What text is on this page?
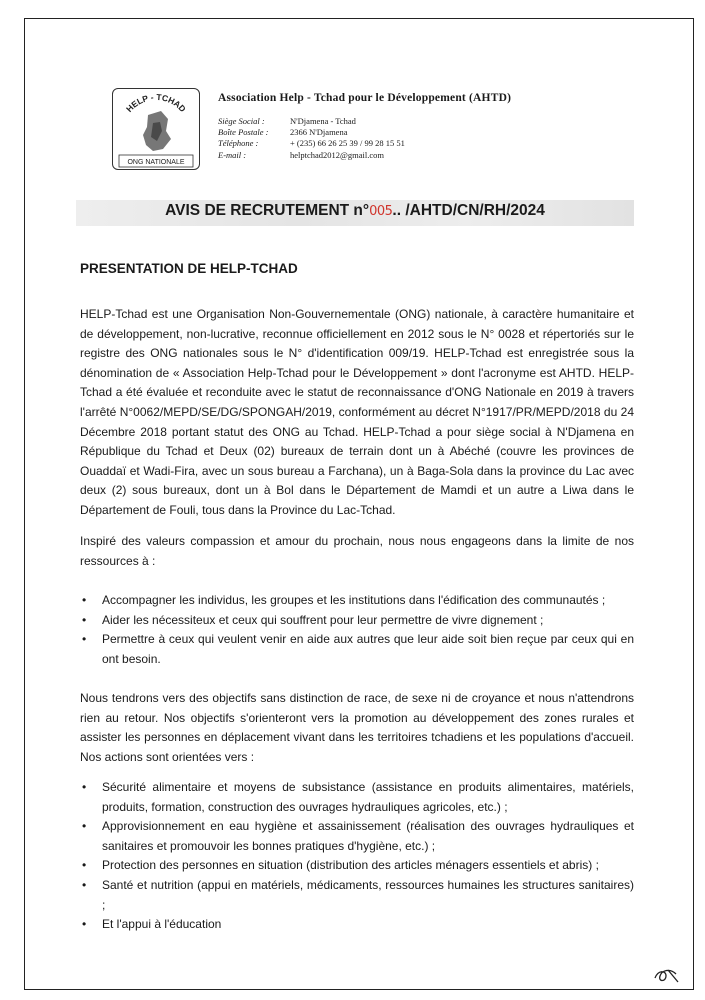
HELP - TCHAD
ONG NATIONALE
Association Help - Tchad pour le Développement (AHTD)
Siège Social :	N'Djamena - Tchad
Boîte Postale :	2366 N'Djamena
Téléphone :	+ (235) 66 26 25 39 / 99 28 15 51
E-mail :	helptchad2012@gmail.com
AVIS DE RECRUTEMENT n°005.. /AHTD/CN/RH/2024
PRESENTATION DE HELP-TCHAD

HELP-Tchad est une Organisation Non-Gouvernementale (ONG) nationale, à caractère humanitaire et de développement, non-lucrative, reconnue officiellement en 2012 sous le N° 0028 et répertoriés sur le registre des ONG nationales sous le N° d'identification 009/19. HELP-Tchad est enregistrée sous la dénomination de « Association Help-Tchad pour le Développement » dont l'acronyme est AHTD. HELP-Tchad a été évaluée et reconduite avec le statut de reconnaissance d'ONG Nationale en 2019 à travers l'arrêté N°0062/MEPD/SE/DG/SPONGAH/2019, conformément au décret N°1917/PR/MEPD/2018 du 24 Décembre 2018 portant statut des ONG au Tchad. HELP-Tchad a pour siège social à N'Djamena en République du Tchad et Deux (02) bureaux de terrain dont un à Abéché (couvre les provinces de Ouaddaï et Wadi-Fira, avec un sous bureau a Farchana), un à Baga-Sola dans la province du Lac avec deux (2) sous bureaux, dont un à Bol dans le Département de Mamdi et un autre a Liwa dans le Département de Fouli, tous dans la Province du Lac-Tchad.

Inspiré des valeurs compassion et amour du prochain, nous nous engageons dans la limite de nos ressources à :

• Accompagner les individus, les groupes et les institutions dans l'édification des communautés ;
• Aider les nécessiteux et ceux qui souffrent pour leur permettre de vivre dignement ;
• Permettre à ceux qui veulent venir en aide aux autres que leur aide soit bien reçue par ceux qui en ont besoin.

Nous tendrons vers des objectifs sans distinction de race, de sexe ni de croyance et nous n'attendrons rien au retour. Nos objectifs s'orienteront vers la promotion au développement des zones rurales et assister les personnes en déplacement vivant dans les territoires tchadiens et les populations d'accueil. Nos actions sont orientées vers :

• Sécurité alimentaire et moyens de subsistance (assistance en produits alimentaires, matériels, produits, formation, construction des ouvrages hydrauliques agricoles, etc.) ;
• Approvisionnement en eau hygiène et assainissement (réalisation des ouvrages hydrauliques et sanitaires et promouvoir les bonnes pratiques d'hygiène, etc.) ;
• Protection des personnes en situation (distribution des articles ménagers essentiels et abris) ;
• Santé et nutrition (appui en matériels, médicaments, ressources humaines les structures sanitaires) ;
• Et l'appui à l'éducation
